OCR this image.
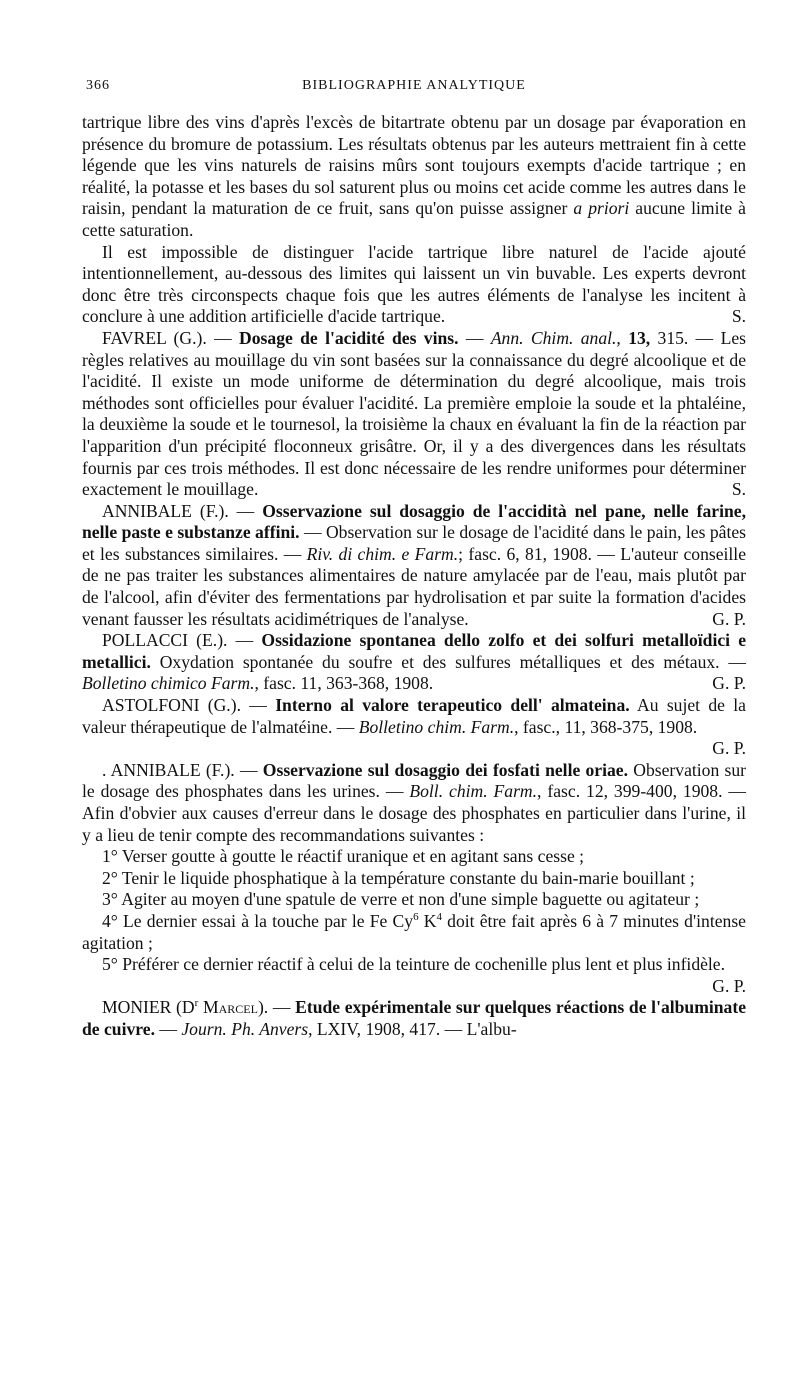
366	BIBLIOGRAPHIE ANALYTIQUE

tartrique libre des vins d'après l'excès de bitartrate obtenu par un dosage par évaporation en présence du bromure de potassium. Les résultats obtenus par les auteurs mettraient fin à cette légende que les vins naturels de raisins mûrs sont toujours exempts d'acide tartrique ; en réalité, la potasse et les bases du sol saturent plus ou moins cet acide comme les autres dans le raisin, pendant la maturation de ce fruit, sans qu'on puisse assigner a priori aucune limite à cette saturation.

Il est impossible de distinguer l'acide tartrique libre naturel de l'acide ajouté intentionnellement, au-dessous des limites qui laissent un vin buvable. Les experts devront donc être très circonspects chaque fois que les autres éléments de l'analyse les incitent à conclure à une addition artificielle d'acide tartrique.	S.

FAVREL (G.). — Dosage de l'acidité des vins. — Ann. Chim. anal., 13, 315. — Les règles relatives au mouillage du vin sont basées sur la connaissance du degré alcoolique et de l'acidité. Il existe un mode uniforme de détermination du degré alcoolique, mais trois méthodes sont officielles pour évaluer l'acidité. La première emploie la soude et la phtaléine, la deuxième la soude et le tournesol, la troisième la chaux en évaluant la fin de la réaction par l'apparition d'un précipité floconneux grisâtre. Or, il y a des divergences dans les résultats fournis par ces trois méthodes. Il est donc nécessaire de les rendre uniformes pour déterminer exactement le mouillage.	S.

ANNIBALE (F.). — Osservazione sul dosaggio de l'accidità nel pane, nelle farine, nelle paste e substanze affini. — Observation sur le dosage de l'acidité dans le pain, les pâtes et les substances similaires. — Riv. di chim. e Farm.; fasc. 6, 81, 1908. — L'auteur conseille de ne pas traiter les substances alimentaires de nature amylacée par de l'eau, mais plutôt par de l'alcool, afin d'éviter des fermentations par hydrolisation et par suite la formation d'acides venant fausser les résultats acidimétriques de l'analyse.	G. P.

POLLACCI (E.). — Ossidazione spontanea dello zolfo et dei solfuri metalloïdici e metallici. Oxydation spontanée du soufre et des sulfures métalliques et des métaux. — Bolletino chimico Farm., fasc. 11, 363-368, 1908.	G. P.

ASTOLFONI (G.). — Interno al valore terapeutico dell' almateina. Au sujet de la valeur thérapeutique de l'almatéine. — Bolletino chim. Farm., fasc., 11, 368-375, 1908.
G. P.

. ANNIBALE (F.). — Osservazione sul dosaggio dei fosfati nelle oriae. Observation sur le dosage des phosphates dans les urines. — Boll. chim. Farm., fasc. 12, 399-400, 1908. — Afin d'obvier aux causes d'erreur dans le dosage des phosphates en particulier dans l'urine, il y a lieu de tenir compte des recommandations suivantes :

1° Verser goutte à goutte le réactif uranique et en agitant sans cesse ;

2° Tenir le liquide phosphatique à la température constante du bain-marie bouillant ;

3° Agiter au moyen d'une spatule de verre et non d'une simple baguette ou agitateur ;

4° Le dernier essai à la touche par le Fe Cy$^6$ $K^4$ doit être fait après 6 à 7 minutes d'intense agitation ;

5° Préférer ce dernier réactif à celui de la teinture de cochenille plus lent et plus infidèle.
G. P.

MONIER ($D^r$ Marcel). — Etude expérimentale sur quelques réactions de l'albuminate de cuivre. — Journ. Ph. Anvers, LXIV, 1908, 417. — L'albu-
